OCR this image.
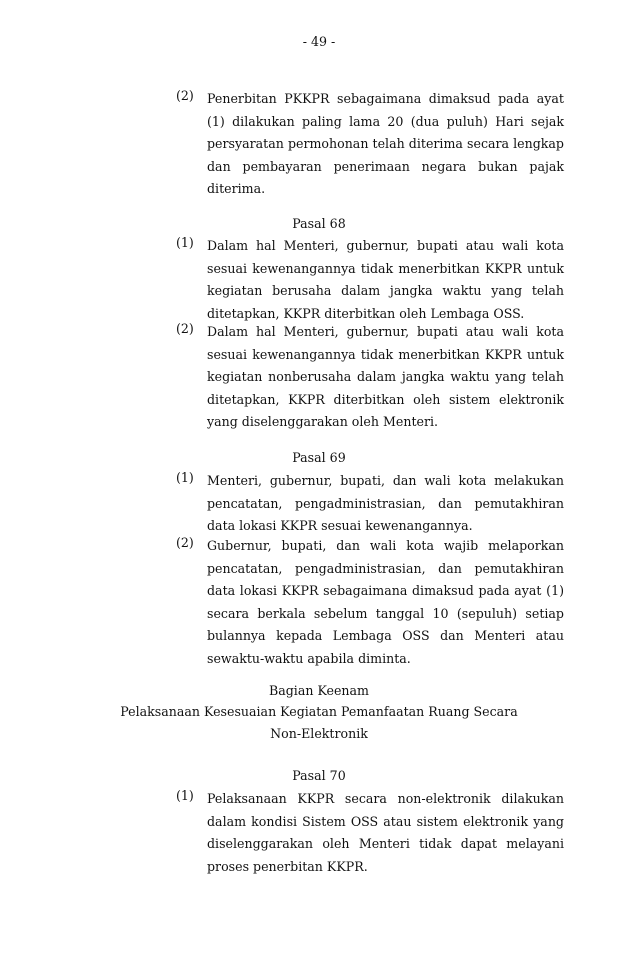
- 49 -
(2) Penerbitan PKKPR sebagaimana dimaksud pada ayat (1) dilakukan paling lama 20 (dua puluh) Hari sejak persyaratan permohonan telah diterima secara lengkap dan pembayaran penerimaan negara bukan pajak diterima.
Pasal 68
(1) Dalam hal Menteri, gubernur, bupati atau wali kota sesuai kewenangannya tidak menerbitkan KKPR untuk kegiatan berusaha dalam jangka waktu yang telah ditetapkan, KKPR diterbitkan oleh Lembaga OSS.
(2) Dalam hal Menteri, gubernur, bupati atau wali kota sesuai kewenangannya tidak menerbitkan KKPR untuk kegiatan nonberusaha dalam jangka waktu yang telah ditetapkan, KKPR diterbitkan oleh sistem elektronik yang diselenggarakan oleh Menteri.
Pasal 69
(1) Menteri, gubernur, bupati, dan wali kota melakukan pencatatan, pengadministrasian, dan pemutakhiran data lokasi KKPR sesuai kewenangannya.
(2) Gubernur, bupati, dan wali kota wajib melaporkan pencatatan, pengadministrasian, dan pemutakhiran data lokasi KKPR sebagaimana dimaksud pada ayat (1) secara berkala sebelum tanggal 10 (sepuluh) setiap bulannya kepada Lembaga OSS dan Menteri atau sewaktu-waktu apabila diminta.
Bagian Keenam
Pelaksanaan Kesesuaian Kegiatan Pemanfaatan Ruang Secara
Non-Elektronik
Pasal 70
(1) Pelaksanaan KKPR secara non-elektronik dilakukan dalam kondisi Sistem OSS atau sistem elektronik yang diselenggarakan oleh Menteri tidak dapat melayani proses penerbitan KKPR.
